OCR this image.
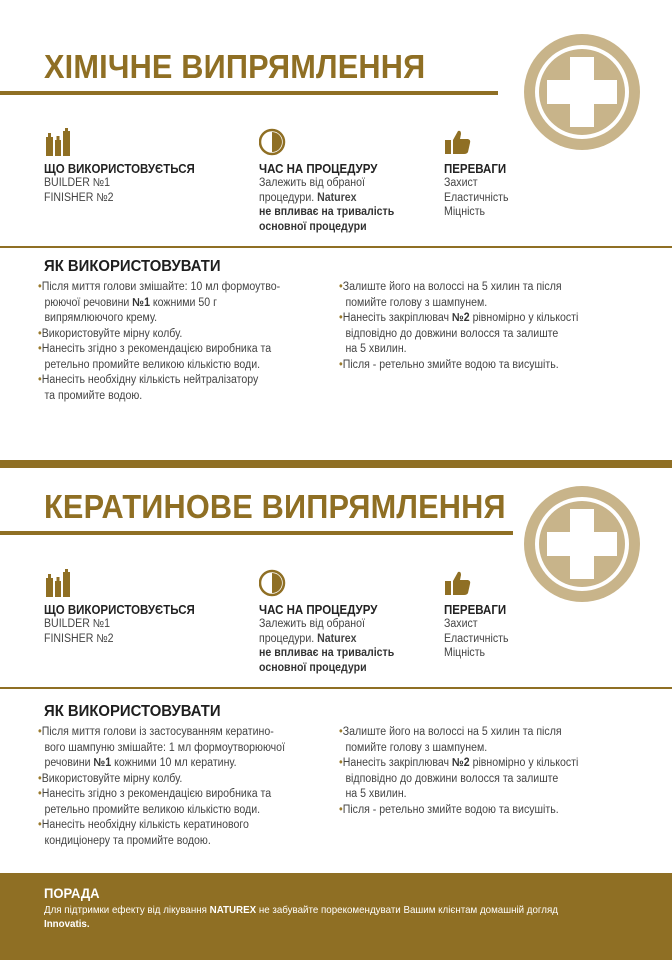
ХІМІЧНЕ ВИПРЯМЛЕННЯ
ЩО ВИКОРИСТОВУЄТЬСЯ
BUILDER №1
FINISHER №2
ЧАС НА ПРОЦЕДУРУ
Залежить від обраної
процедури. Naturex
не впливає на тривалість
основної процедури
ПЕРЕВАГИ
Захист
Еластичність
Міцність
ЯК ВИКОРИСТОВУВАТИ
•Після миття голови змішайте: 10 мл формоутво-
рюючої речовини №1 кожними 50 г
випрямлюючого крему.
•Використовуйте мірну колбу.
•Нанесіть згідно з рекомендацією виробника та
ретельно промийте великою кількістю води.
•Нанесіть необхідну кількість нейтралізатору
та промийте водою.
•Залиште його на волоссі на 5 хилин та після
помийте голову з шампунем.
•Нанесіть закріплювач №2 рівномірно у кількості
відповідно до довжини волосся та залиште
на 5 хвилин.
•Після - ретельно змийте водою та висушіть.
КЕРАТИНОВЕ ВИПРЯМЛЕННЯ
ЩО ВИКОРИСТОВУЄТЬСЯ
BUILDER №1
FINISHER №2
ЧАС НА ПРОЦЕДУРУ
Залежить від обраної
процедури. Naturex
не впливає на тривалість
основної процедури
ПЕРЕВАГИ
Захист
Еластичність
Міцність
ЯК ВИКОРИСТОВУВАТИ
•Після миття голови із застосуванням кератино-
вого шампуню змішайте: 1 мл формоутворюючої
речовини №1 кожними 10 мл кератину.
•Використовуйте мірну колбу.
•Нанесіть згідно з рекомендацією виробника та
ретельно промийте великою кількістю води.
•Нанесіть необхідну кількість кератинового
кондиціонеру та промийте водою.
•Залиште його на волоссі на 5 хилин та після
помийте голову з шампунем.
•Нанесіть закріплювач №2 рівномірно у кількості
відповідно до довжини волосся та залиште
на 5 хвилин.
•Після - ретельно змийте водою та висушіть.
ПОРАДА
Для підтримки ефекту від лікування NATUREX не забувайте порекомендувати Вашим клієнтам домашній догляд
Innovatis.
